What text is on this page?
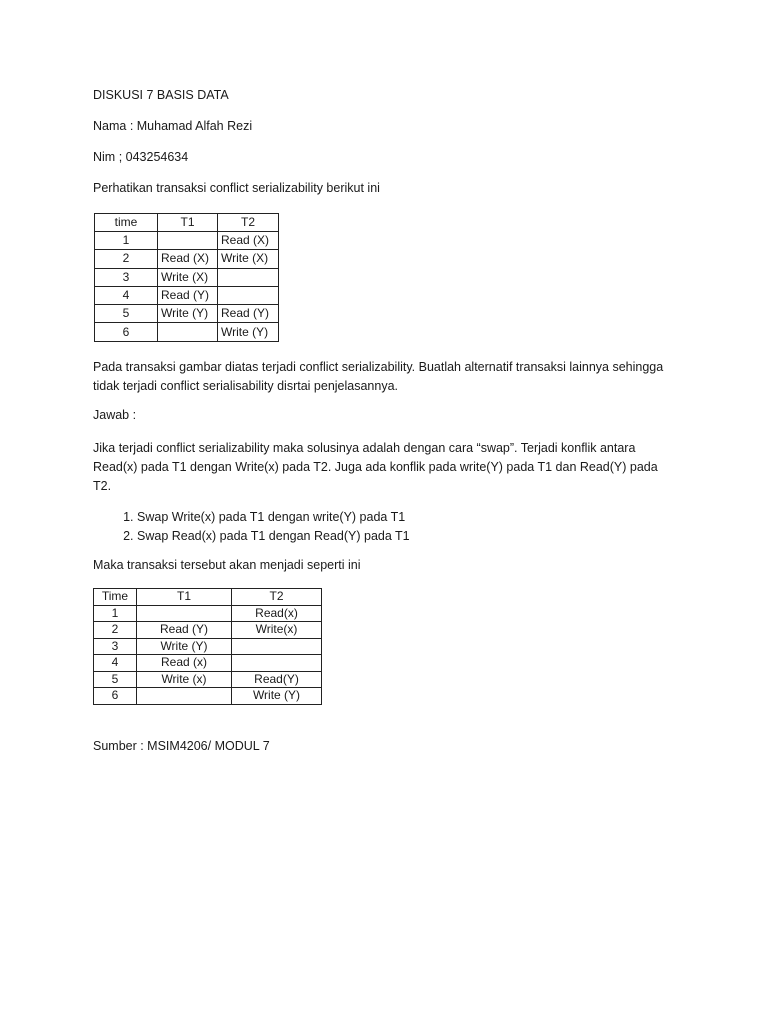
DISKUSI 7 BASIS DATA
Nama : Muhamad Alfah Rezi
Nim ; 043254634
Perhatikan transaksi conflict serializability berikut ini
time	T1	T2
1		Read (X)
2	Read (X)	Write (X)
3	Write (X)	
4	Read (Y)	
5	Write (Y)	Read (Y)
6		Write (Y)
Pada transaksi gambar diatas terjadi conflict serializability. Buatlah alternatif transaksi lainnya sehingga tidak terjadi conflict serialisability disrtai penjelasannya.
Jawab :
Jika terjadi conflict serializability maka solusinya adalah dengan cara “swap”. Terjadi konflik antara Read(x) pada T1 dengan Write(x) pada T2. Juga ada konflik pada write(Y) pada T1 dan Read(Y) pada T2.
1. Swap Write(x) pada T1 dengan write(Y) pada T1
2. Swap Read(x) pada T1 dengan Read(Y) pada T1
Maka transaksi tersebut akan menjadi seperti ini
Time	T1	T2
1		Read(x)
2	Read (Y)	Write(x)
3	Write (Y)	
4	Read (x)	
5	Write (x)	Read(Y)
6		Write (Y)
Sumber : MSIM4206/ MODUL 7
